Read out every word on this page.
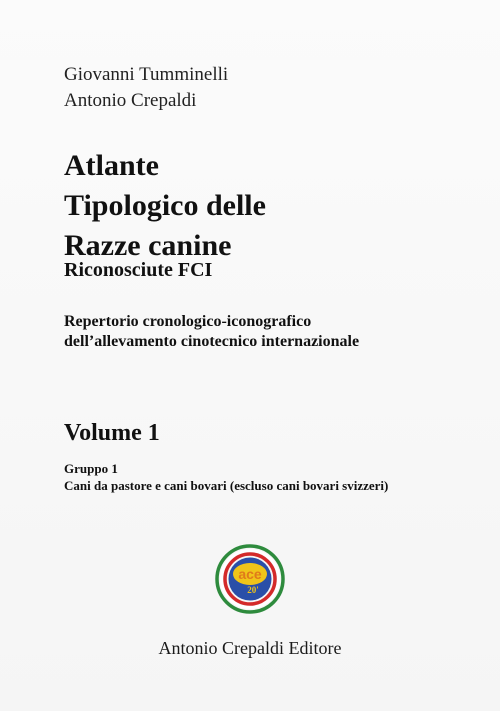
Giovanni Tumminelli
Antonio Crepaldi
Atlante
Tipologico delle
Razze canine
Riconosciute FCI
Repertorio cronologico-iconografico
dell’allevamento cinotecnico internazionale
Volume 1
Gruppo 1
Cani da pastore e cani bovari (escluso cani bovari svizzeri)
ace
20'
Antonio Crepaldi Editore
